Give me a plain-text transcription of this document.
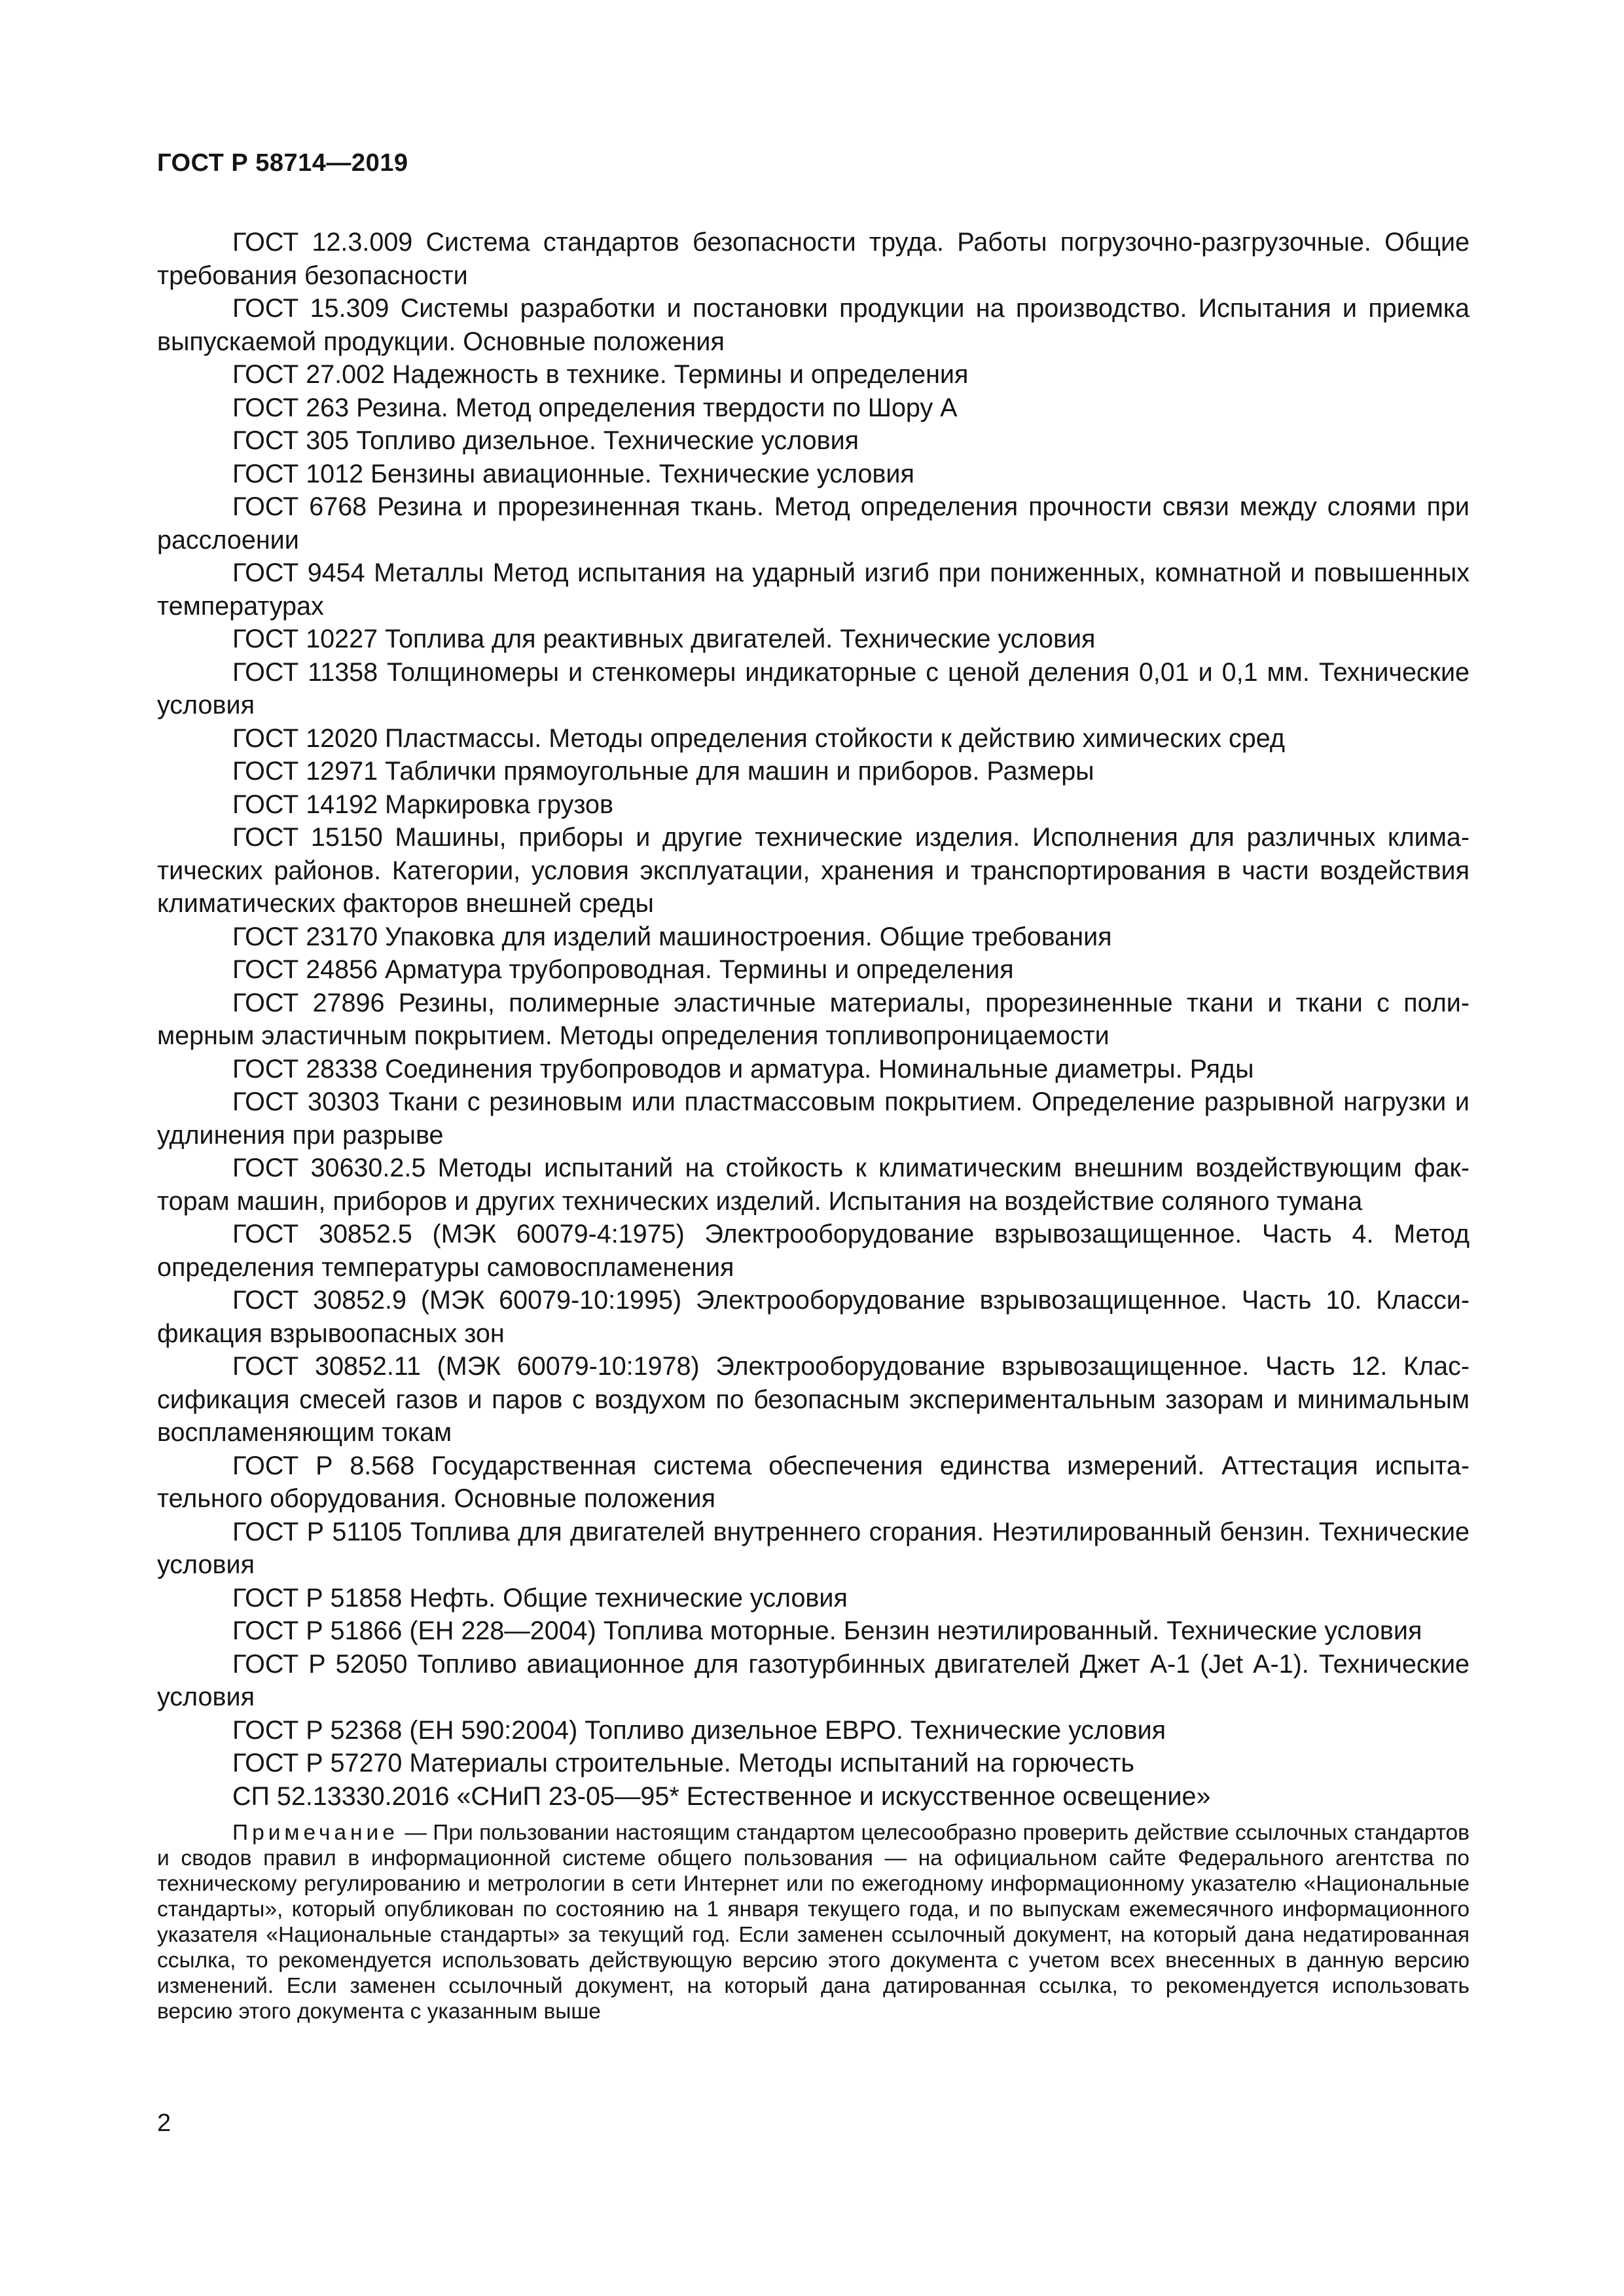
ГОСТ Р 58714—2019
ГОСТ 12.3.009 Система стандартов безопасности труда. Работы погрузочно-разгрузочные. Общие требования безопасности
ГОСТ 15.309 Системы разработки и постановки продукции на производство. Испытания и приемка выпускаемой продукции. Основные положения
ГОСТ 27.002 Надежность в технике. Термины и определения
ГОСТ 263 Резина. Метод определения твердости по Шору А
ГОСТ 305 Топливо дизельное. Технические условия
ГОСТ 1012 Бензины авиационные. Технические условия
ГОСТ 6768 Резина и прорезиненная ткань. Метод определения прочности связи между слоями при расслоении
ГОСТ 9454 Металлы Метод испытания на ударный изгиб при пониженных, комнатной и повышенных температурах
ГОСТ 10227 Топлива для реактивных двигателей. Технические условия
ГОСТ 11358 Толщиномеры и стенкомеры индикаторные с ценой деления 0,01 и 0,1 мм. Технические условия
ГОСТ 12020 Пластмассы. Методы определения стойкости к действию химических сред
ГОСТ 12971 Таблички прямоугольные для машин и приборов. Размеры
ГОСТ 14192 Маркировка грузов
ГОСТ 15150 Машины, приборы и другие технические изделия. Исполнения для различных климатических районов. Категории, условия эксплуатации, хранения и транспортирования в части воздействия климатических факторов внешней среды
ГОСТ 23170 Упаковка для изделий машиностроения. Общие требования
ГОСТ 24856 Арматура трубопроводная. Термины и определения
ГОСТ 27896 Резины, полимерные эластичные материалы, прорезиненные ткани и ткани с полимерным эластичным покрытием. Методы определения топливопроницаемости
ГОСТ 28338 Соединения трубопроводов и арматура. Номинальные диаметры. Ряды
ГОСТ 30303 Ткани с резиновым или пластмассовым покрытием. Определение разрывной нагрузки и удлинения при разрыве
ГОСТ 30630.2.5 Методы испытаний на стойкость к климатическим внешним воздействующим факторам машин, приборов и других технических изделий. Испытания на воздействие соляного тумана
ГОСТ 30852.5 (МЭК 60079-4:1975) Электрооборудование взрывозащищенное. Часть 4. Метод определения температуры самовоспламенения
ГОСТ 30852.9 (МЭК 60079-10:1995) Электрооборудование взрывозащищенное. Часть 10. Классификация взрывоопасных зон
ГОСТ 30852.11 (МЭК 60079-10:1978) Электрооборудование взрывозащищенное. Часть 12. Классификация смесей газов и паров с воздухом по безопасным экспериментальным зазорам и минимальным воспламеняющим токам
ГОСТ Р 8.568 Государственная система обеспечения единства измерений. Аттестация испытательного оборудования. Основные положения
ГОСТ Р 51105 Топлива для двигателей внутреннего сгорания. Неэтилированный бензин. Технические условия
ГОСТ Р 51858 Нефть. Общие технические условия
ГОСТ Р 51866 (ЕН 228—2004) Топлива моторные. Бензин неэтилированный. Технические условия
ГОСТ Р 52050 Топливо авиационное для газотурбинных двигателей Джет А-1 (Jet А-1). Технические условия
ГОСТ Р 52368 (ЕН 590:2004) Топливо дизельное ЕВРО. Технические условия
ГОСТ Р 57270 Материалы строительные. Методы испытаний на горючесть
СП 52.13330.2016 «СНиП 23-05—95* Естественное и искусственное освещение»

Примечание — При пользовании настоящим стандартом целесообразно проверить действие ссылочных стандартов и сводов правил в информационной системе общего пользования — на официальном сайте Федерального агентства по техническому регулированию и метрологии в сети Интернет или по ежегодному информационному указателю «Национальные стандарты», который опубликован по состоянию на 1 января текущего года, и по выпускам ежемесячного информационного указателя «Национальные стандарты» за текущий год. Если заменен ссылочный документ, на который дана недатированная ссылка, то рекомендуется использовать действующую версию этого документа с учетом всех внесенных в данную версию изменений. Если заменен ссылочный документ, на который дана датированная ссылка, то рекомендуется использовать версию этого документа с указанным выше

2
